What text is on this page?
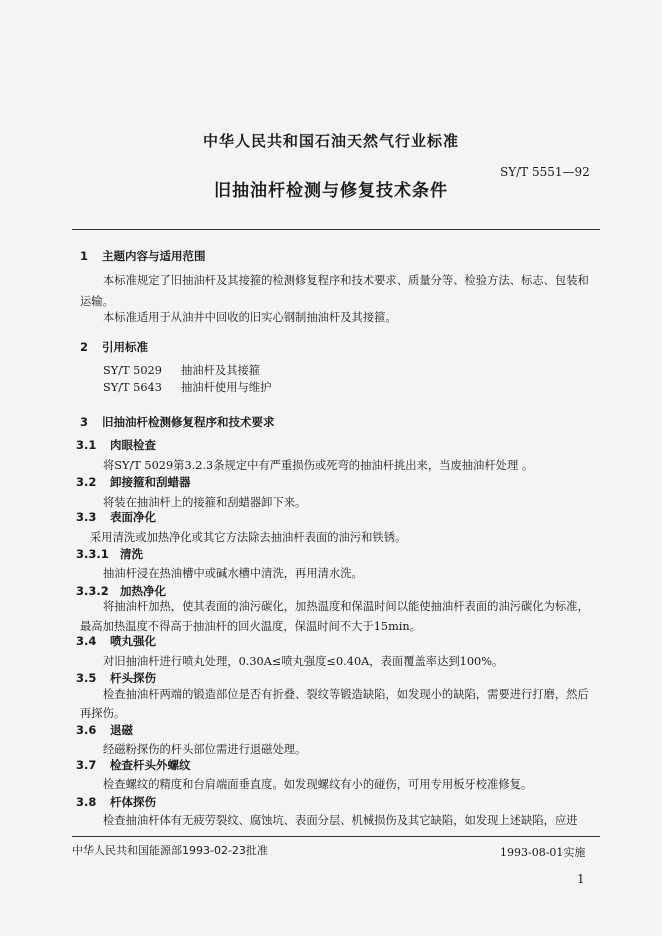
中华人民共和国石油天然气行业标准
SY/T 5551—92
旧抽油杆检测与修复技术条件
1 主题内容与适用范围
本标准规定了旧抽油杆及其接箍的检测修复程序和技术要求、质量分等、检验方法、标志、包装和运输。
本标准适用于从油井中回收的旧实心钢制抽油杆及其接箍。
2 引用标准
SY/T 5029 抽油杆及其接箍
SY/T 5643 抽油杆使用与维护
3 旧抽油杆检测修复程序和技术要求
3.1 肉眼检查
将SY/T 5029第3.2.3条规定中有严重损伤或死弯的抽油杆挑出来，当废抽油杆处理 。
3.2 卸接箍和刮蜡器
将装在抽油杆上的接箍和刮蜡器卸下来。
3.3 表面净化
采用清洗或加热净化或其它方法除去抽油杆表面的油污和铁锈。
3.3.1 清洗
抽油杆浸在热油槽中或碱水槽中清洗，再用清水洗。
3.3.2 加热净化
将抽油杆加热，使其表面的油污碳化，加热温度和保温时间以能使抽油杆表面的油污碳化为标准，最高加热温度不得高于抽油杆的回火温度，保温时间不大于15min。
3.4 喷丸强化
对旧抽油杆进行喷丸处理，0.30A≤喷丸强度≤0.40A，表面覆盖率达到100%。
3.5 杆头探伤
检查抽油杆两端的锻造部位是否有折叠、裂纹等锻造缺陷，如发现小的缺陷，需要进行打磨，然后再探伤。
3.6 退磁
经磁粉探伤的杆头部位需进行退磁处理。
3.7 检查杆头外螺纹
检查螺纹的精度和台肩端面垂直度。如发现螺纹有小的碰伤，可用专用板牙校准修复。
3.8 杆体探伤
检查抽油杆体有无疲劳裂纹、腐蚀坑、表面分层、机械损伤及其它缺陷，如发现上述缺陷，应进
中华人民共和国能源部1993-02-23批准	1993-08-01实施
1
